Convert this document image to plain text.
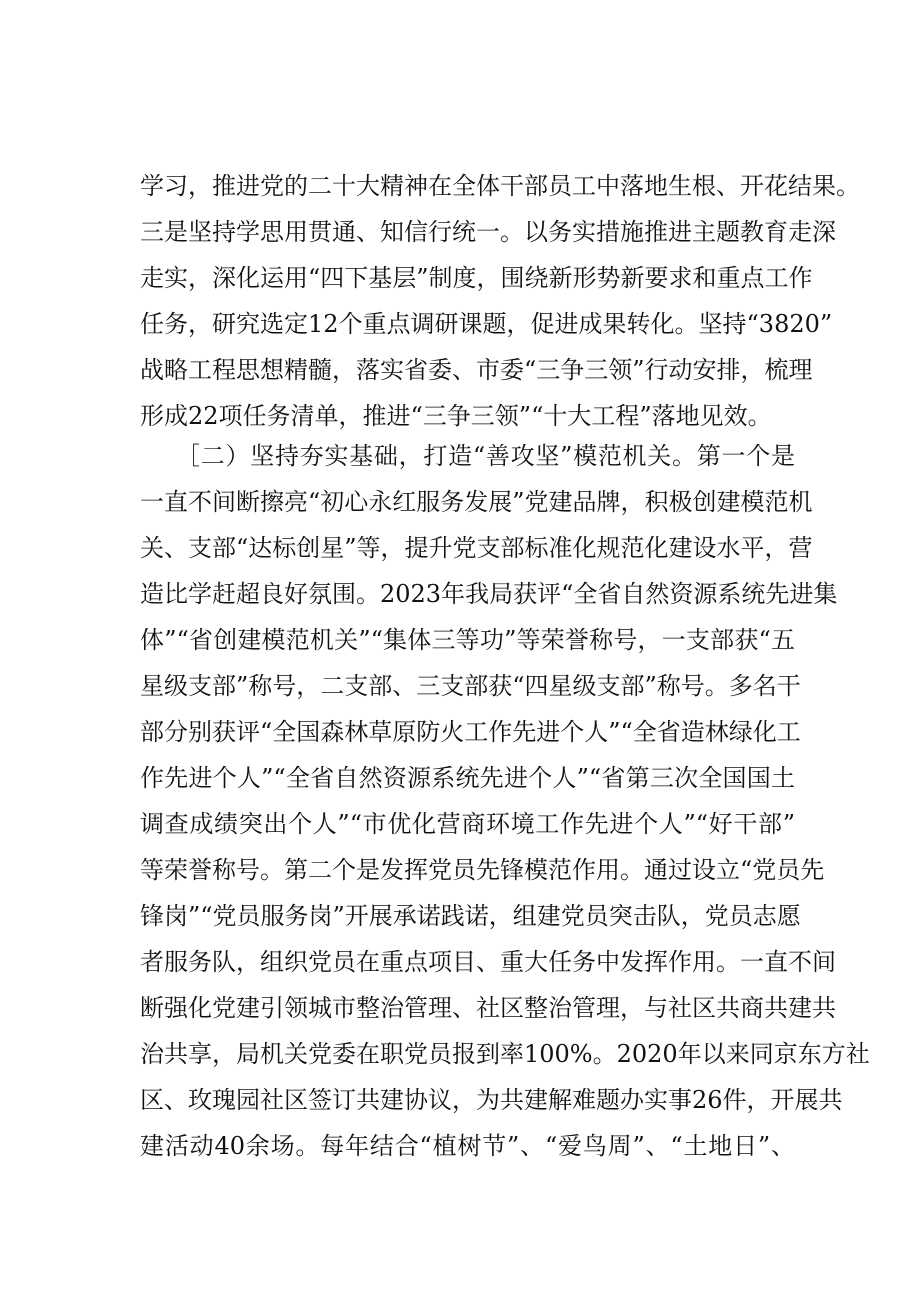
学习，推进党的二十大精神在全体干部员工中落地生根、开花结果。
三是坚持学思用贯通、知信行统一。以务实措施推进主题教育走深
走实，深化运用“四下基层”制度，围绕新形势新要求和重点工作
任务，研究选定12个重点调研课题，促进成果转化。坚持“3820”
战略工程思想精髓，落实省委、市委“三争三领”行动安排，梳理
形成22项任务清单，推进“三争三领”“十大工程”落地见效。
［二）坚持夯实基础，打造“善攻坚”模范机关。第一个是
一直不间断擦亮“初心永红服务发展”党建品牌，积极创建模范机
关、支部“达标创星”等，提升党支部标准化规范化建设水平，营
造比学赶超良好氛围。2023年我局获评“全省自然资源系统先进集
体”“省创建模范机关”“集体三等功”等荣誉称号，一支部获“五
星级支部”称号，二支部、三支部获“四星级支部”称号。多名干
部分别获评“全国森林草原防火工作先进个人”“全省造林绿化工
作先进个人”“全省自然资源系统先进个人”“省第三次全国国土
调查成绩突出个人”“市优化营商环境工作先进个人”“好干部”
等荣誉称号。第二个是发挥党员先锋模范作用。通过设立“党员先
锋岗”“党员服务岗”开展承诺践诺，组建党员突击队，党员志愿
者服务队，组织党员在重点项目、重大任务中发挥作用。一直不间
断强化党建引领城市整治管理、社区整治管理，与社区共商共建共
治共享，局机关党委在职党员报到率100%。2020年以来同京东方社
区、玫瑰园社区签订共建协议，为共建解难题办实事26件，开展共
建活动40余场。每年结合“植树节”、“爱鸟周”、“土地日”、
